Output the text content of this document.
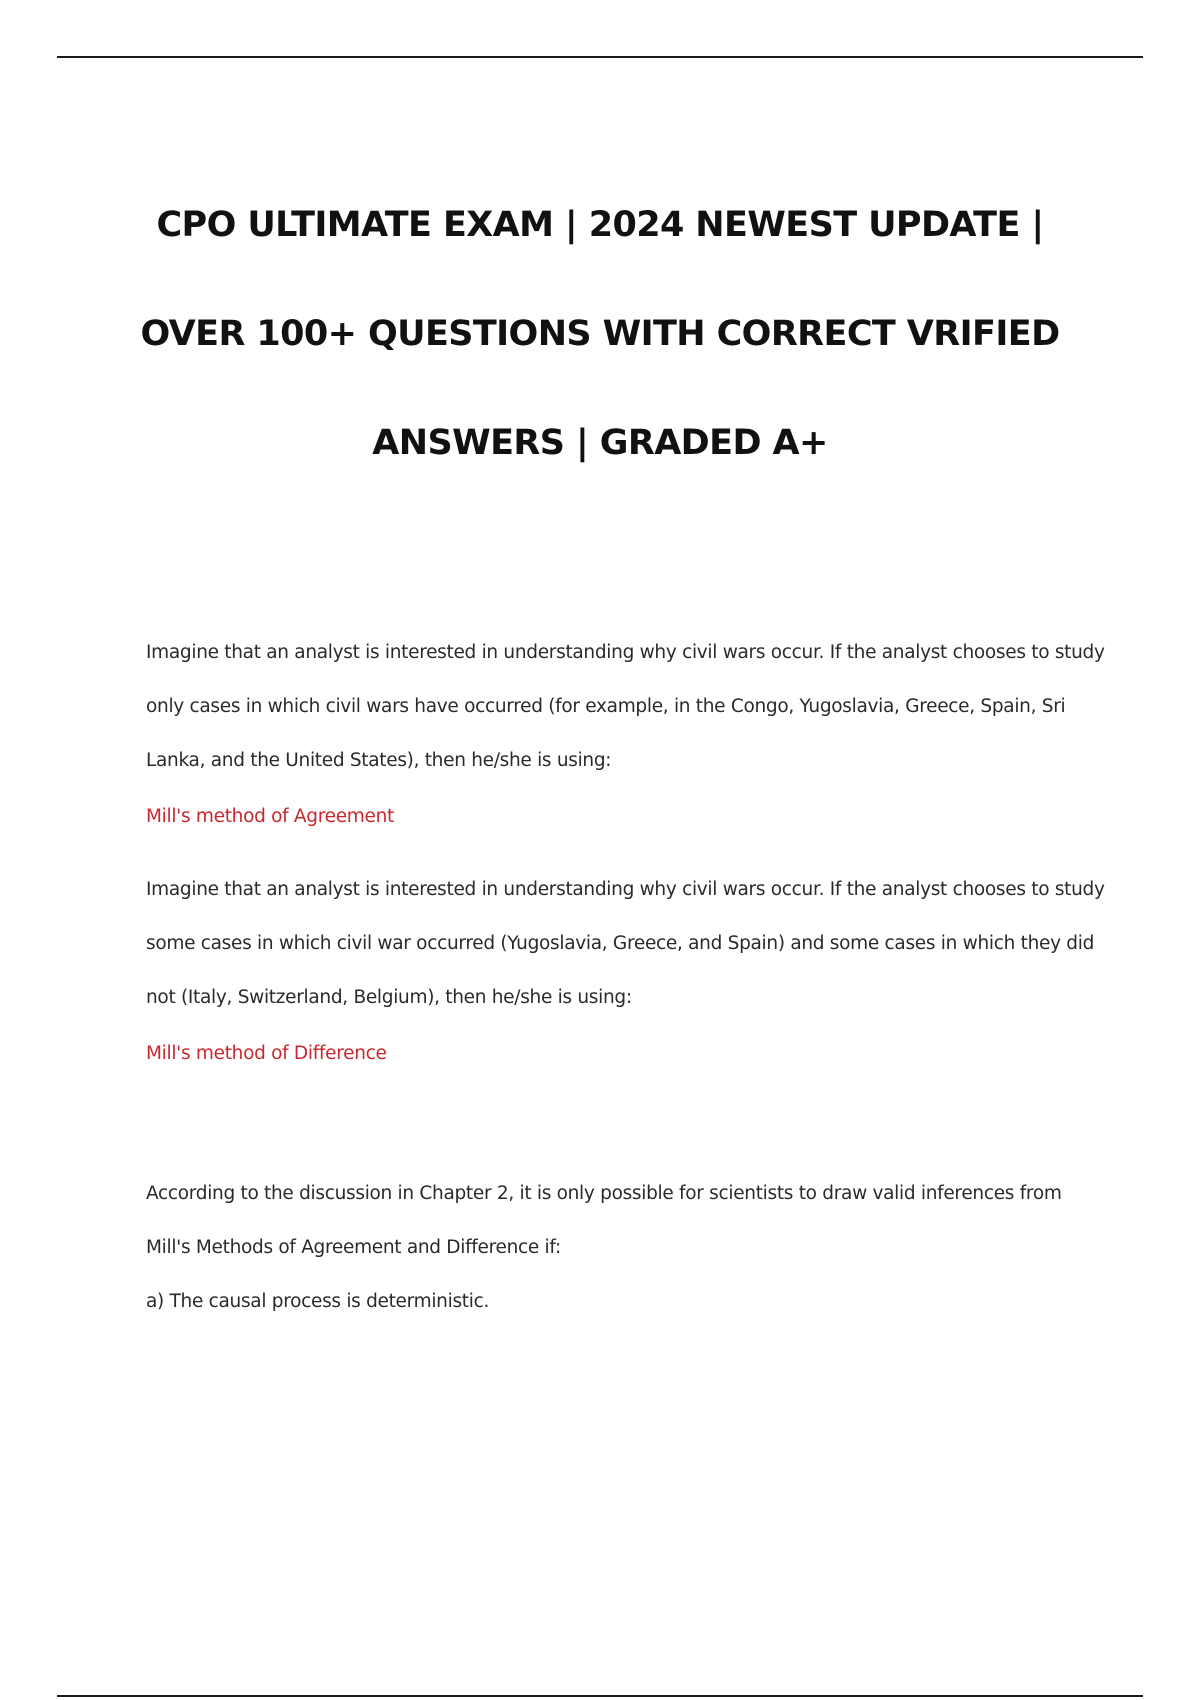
CPO ULTIMATE EXAM | 2024 NEWEST UPDATE |
OVER 100+ QUESTIONS WITH CORRECT VRIFIED
ANSWERS | GRADED A+

Imagine that an analyst is interested in understanding why civil wars occur. If the analyst chooses to study only cases in which civil wars have occurred (for example, in the Congo, Yugoslavia, Greece, Spain, Sri Lanka, and the United States), then he/she is using:

Mill's method of Agreement

Imagine that an analyst is interested in understanding why civil wars occur. If the analyst chooses to study some cases in which civil war occurred (Yugoslavia, Greece, and Spain) and some cases in which they did not (Italy, Switzerland, Belgium), then he/she is using:

Mill's method of Difference

According to the discussion in Chapter 2, it is only possible for scientists to draw valid inferences from Mill's Methods of Agreement and Difference if:

a) The causal process is deterministic.
